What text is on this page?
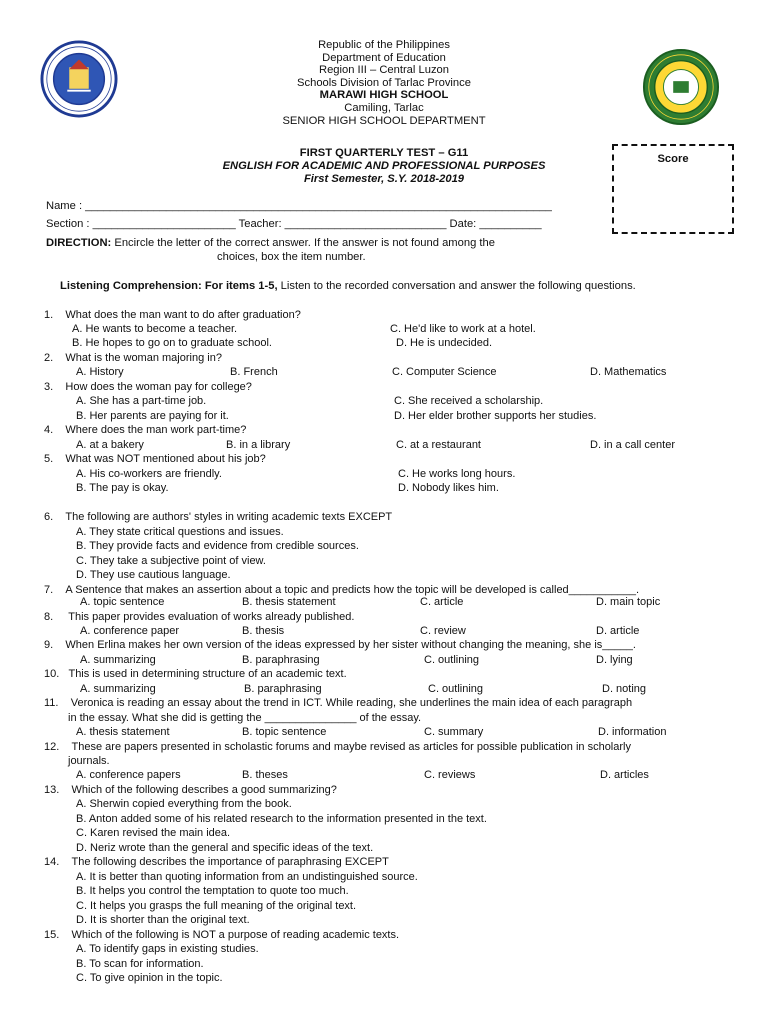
Republic of the Philippines
Department of Education
Region III – Central Luzon
Schools Division of Tarlac Province
MARAWI HIGH SCHOOL
Camiling, Tarlac
SENIOR HIGH SCHOOL DEPARTMENT
FIRST QUARTERLY TEST – G11
ENGLISH FOR ACADEMIC AND PROFESSIONAL PURPOSES
First Semester, S.Y. 2018-2019
Score
Name : ___________________________________________________________________________
Section : _______________________ Teacher: __________________________ Date: __________
DIRECTION: Encircle the letter of the correct answer. If the answer is not found among the
choices, box the item number.
Listening Comprehension: For items 1-5, Listen to the recorded conversation and answer the following questions.
1. What does the man want to do after graduation?
A. He wants to become a teacher.	C. He'd like to work at a hotel.
B. He hopes to go on to graduate school.	D. He is undecided.
2. What is the woman majoring in?
A. History	B. French	C. Computer Science	D. Mathematics
3. How does the woman pay for college?
A. She has a part-time job.	C. She received a scholarship.
B. Her parents are paying for it.	D. Her elder brother supports her studies.
4. Where does the man work part-time?
A. at a bakery	B. in a library	C. at a restaurant	D. in a call center
5. What was NOT mentioned about his job?
A. His co-workers are friendly.	C. He works long hours.
B. The pay is okay.	D. Nobody likes him.
6. The following are authors' styles in writing academic texts EXCEPT
A. They state critical questions and issues.
B. They provide facts and evidence from credible sources.
C. They take a subjective point of view.
D. They use cautious language.
7. A Sentence that makes an assertion about a topic and predicts how the topic will be developed is called___________.
A. topic sentence	B. thesis statement	C. article	D. main topic
8.     This paper provides evaluation of works already published.
A. conference paper	B. thesis	C. review	D. article
9. When Erlina makes her own version of the ideas expressed by her sister without changing the meaning, she is_____.
A. summarizing	B. paraphrasing	C. outlining	D. lying
10. This is used in determining structure of an academic text.
A. summarizing	B. paraphrasing	C. outlining	D. noting
11. Veronica is reading an essay about the trend in ICT. While reading, she underlines the main idea of each paragraph
in the essay. What she did is getting the _______________ of the essay.
A. thesis statement	B. topic sentence	C. summary	D. information
12. These are papers presented in scholastic forums and maybe revised as articles for possible publication in scholarly
journals.
A. conference papers	B. theses	C. reviews	D. articles
13. Which of the following describes a good summarizing?
A. Sherwin copied everything from the book.
B. Anton added some of his related research to the information presented in the text.
C. Karen revised the main idea.
D. Neriz wrote than the general and specific ideas of the text.
14. The following describes the importance of paraphrasing EXCEPT
A. It is better than quoting information from an undistinguished source.
B. It helps you control the temptation to quote too much.
C. It helps you grasps the full meaning of the original text.
D. It is shorter than the original text.
15. Which of the following is NOT a purpose of reading academic texts.
A. To identify gaps in existing studies.
B. To scan for information.
C. To give opinion in the topic.
